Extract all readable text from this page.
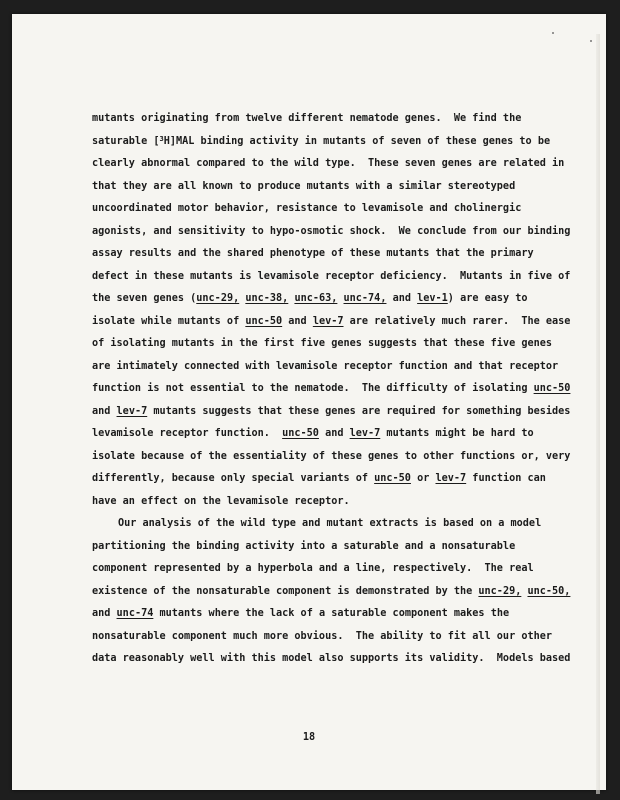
mutants originating from twelve different nematode genes.  We find the
saturable [$^3$H]MAL binding activity in mutants of seven of these genes to be
clearly abnormal compared to the wild type.  These seven genes are related in
that they are all known to produce mutants with a similar stereotyped
uncoordinated motor behavior, resistance to levamisole and cholinergic
agonists, and sensitivity to hypo-osmotic shock.  We conclude from our binding
assay results and the shared phenotype of these mutants that the primary
defect in these mutants is levamisole receptor deficiency.  Mutants in five of
the seven genes (unc-29, unc-38, unc-63, unc-74, and lev-1) are easy to
isolate while mutants of unc-50 and lev-7 are relatively much rarer.  The ease
of isolating mutants in the first five genes suggests that these five genes
are intimately connected with levamisole receptor function and that receptor
function is not essential to the nematode.  The difficulty of isolating unc-50
and lev-7 mutants suggests that these genes are required for something besides
levamisole receptor function.  unc-50 and lev-7 mutants might be hard to
isolate because of the essentiality of these genes to other functions or, very
differently, because only special variants of unc-50 or lev-7 function can
have an effect on the levamisole receptor.
Our analysis of the wild type and mutant extracts is based on a model
partitioning the binding activity into a saturable and a nonsaturable
component represented by a hyperbola and a line, respectively.  The real
existence of the nonsaturable component is demonstrated by the unc-29, unc-50,
and unc-74 mutants where the lack of a saturable component makes the
nonsaturable component much more obvious.  The ability to fit all our other
data reasonably well with this model also supports its validity.  Models based
18
